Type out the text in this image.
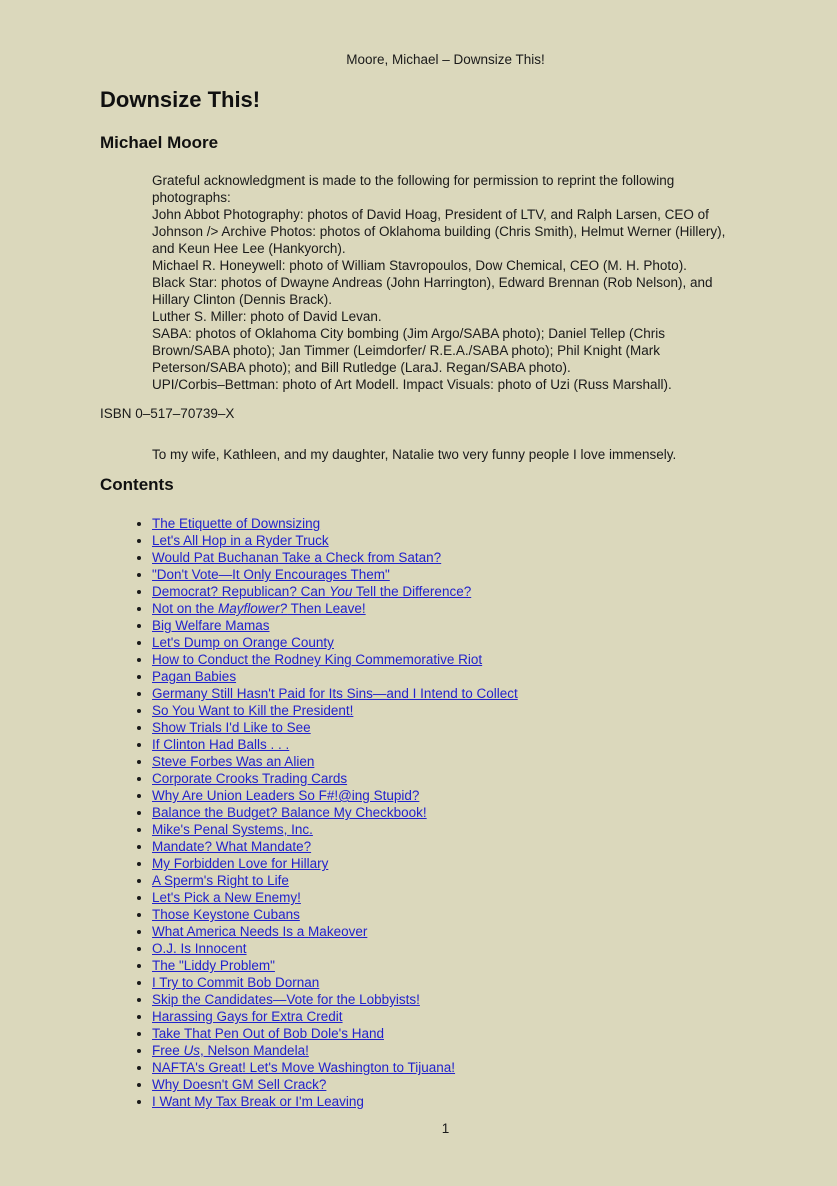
Moore, Michael – Downsize This!
Downsize This!
Michael Moore
Grateful acknowledgment is made to the following for permission to reprint the following photographs:
John Abbot Photography: photos of David Hoag, President of LTV, and Ralph Larsen, CEO of Johnson /> Archive Photos: photos of Oklahoma building (Chris Smith), Helmut Werner (Hillery), and Keun Hee Lee (Hankyorch).
Michael R. Honeywell: photo of William Stavropoulos, Dow Chemical, CEO (M. H. Photo).
Black Star: photos of Dwayne Andreas (John Harrington), Edward Brennan (Rob Nelson), and Hillary Clinton (Dennis Brack).
Luther S. Miller: photo of David Levan.
SABA: photos of Oklahoma City bombing (Jim Argo/SABA photo); Daniel Tellep (Chris Brown/SABA photo); Jan Timmer (Leimdorfer/ R.E.A./SABA photo); Phil Knight (Mark Peterson/SABA photo); and Bill Rutledge (LaraJ. Regan/SABA photo).
UPI/Corbis–Bettman: photo of Art Modell. Impact Visuals: photo of Uzi (Russ Marshall).

ISBN 0–517–70739–X

To my wife, Kathleen, and my daughter, Natalie two very funny people I love immensely.
Contents
• The Etiquette of Downsizing
• Let's All Hop in a Ryder Truck
• Would Pat Buchanan Take a Check from Satan?
• "Don't Vote—It Only Encourages Them"
• Democrat? Republican? Can You Tell the Difference?
• Not on the Mayflower? Then Leave!
• Big Welfare Mamas
• Let's Dump on Orange County
• How to Conduct the Rodney King Commemorative Riot
• Pagan Babies
• Germany Still Hasn't Paid for Its Sins—and I Intend to Collect
• So You Want to Kill the President!
• Show Trials I'd Like to See
• If Clinton Had Balls . . .
• Steve Forbes Was an Alien
• Corporate Crooks Trading Cards
• Why Are Union Leaders So F#!@ing Stupid?
• Balance the Budget? Balance My Checkbook!
• Mike's Penal Systems, Inc.
• Mandate? What Mandate?
• My Forbidden Love for Hillary
• A Sperm's Right to Life
• Let's Pick a New Enemy!
• Those Keystone Cubans
• What America Needs Is a Makeover
• O.J. Is Innocent
• The "Liddy Problem"
• I Try to Commit Bob Dornan
• Skip the Candidates—Vote for the Lobbyists!
• Harassing Gays for Extra Credit
• Take That Pen Out of Bob Dole's Hand
• Free Us, Nelson Mandela!
• NAFTA's Great! Let's Move Washington to Tijuana!
• Why Doesn't GM Sell Crack?
• I Want My Tax Break or I'm Leaving
1
